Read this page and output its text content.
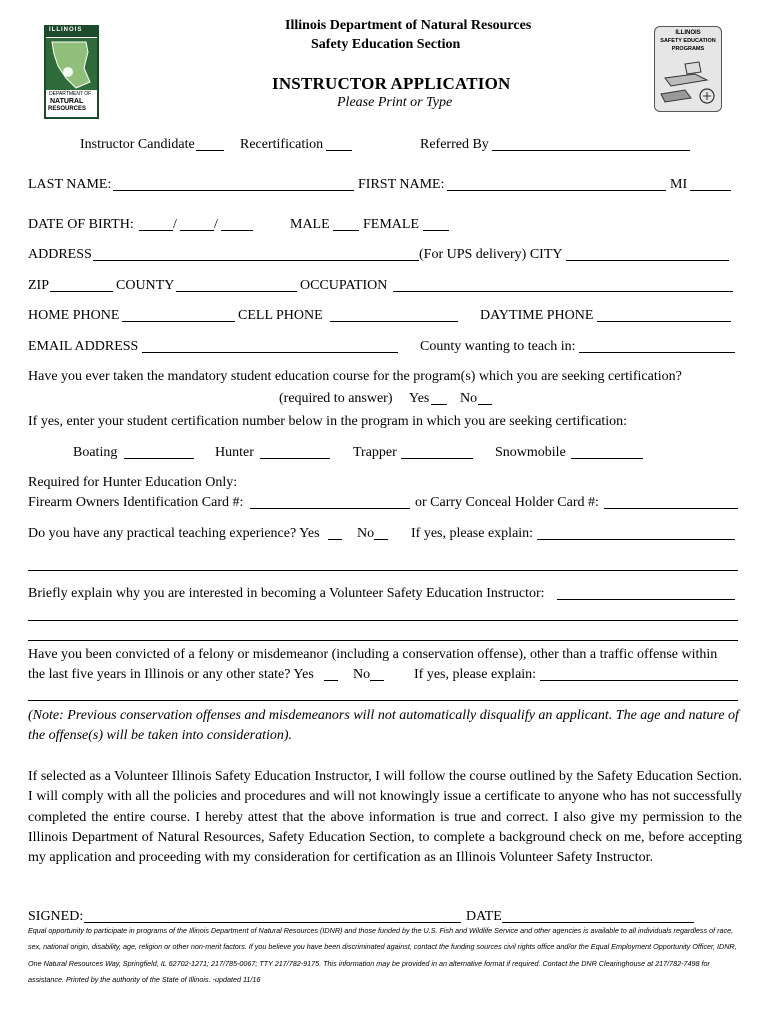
ILLINOIS
DEPARTMENT OF
NATURAL
RESOURCES
ILLINOIS
SAFETY EDUCATION
PROGRAMS
Illinois Department of Natural Resources
Safety Education Section
INSTRUCTOR APPLICATION
Please Print or Type
Instructor Candidate	Recertification	Referred By
LAST NAME:	FIRST NAME:	MI
DATE OF BIRTH:	/	/	MALE FEMALE
ADDRESS	(For UPS delivery) CITY
ZIP	COUNTY	OCCUPATION
HOME PHONE	CELL PHONE	DAYTIME PHONE
EMAIL ADDRESS	County wanting to teach in:
Have you ever taken the mandatory student education course for the program(s) which you are seeking certification?
(required to answer) Yes No
If yes, enter your student certification number below in the program in which you are seeking certification:
Boating	Hunter	Trapper	Snowmobile
Required for Hunter Education Only:
Firearm Owners Identification Card #:	or Carry Conceal Holder Card #:
Do you have any practical teaching experience? Yes	No	If yes, please explain:
Briefly explain why you are interested in becoming a Volunteer Safety Education Instructor:
Have you been convicted of a felony or misdemeanor (including a conservation offense), other than a traffic offense within
the last five years in Illinois or any other state? Yes	No	If yes, please explain:
(Note: Previous conservation offenses and misdemeanors will not automatically disqualify an applicant. The age and nature of the offense(s) will be taken into consideration).
If selected as a Volunteer Illinois Safety Education Instructor, I will follow the course outlined by the Safety Education Section. I will comply with all the policies and procedures and will not knowingly issue a certificate to anyone who has not successfully completed the entire course. I hereby attest that the above information is true and correct. I also give my permission to the Illinois Department of Natural Resources, Safety Education Section, to complete a background check on me, before accepting my application and proceeding with my consideration for certification as an Illinois Volunteer Safety Instructor.
SIGNED:	DATE
Equal opportunity to participate in programs of the Illinois Department of Natural Resources (IDNR) and those funded by the U.S. Fish and Wildlife Service and other agencies is available to all individuals regardless of race, sex, national origin, disability, age, religion or other non-merit factors. If you believe you have been discriminated against, contact the funding sources civil rights office and/or the Equal Employment Opportunity Officer, IDNR, One Natural Resources Way, Springfield, IL 62702-1271; 217/785-0067; TTY 217/782-9175. This information may be provided in an alternative format if required. Contact the DNR Clearinghouse at 217/782-7498 for assistance. Printed by the authority of the State of Illinois. -updated 11/16
